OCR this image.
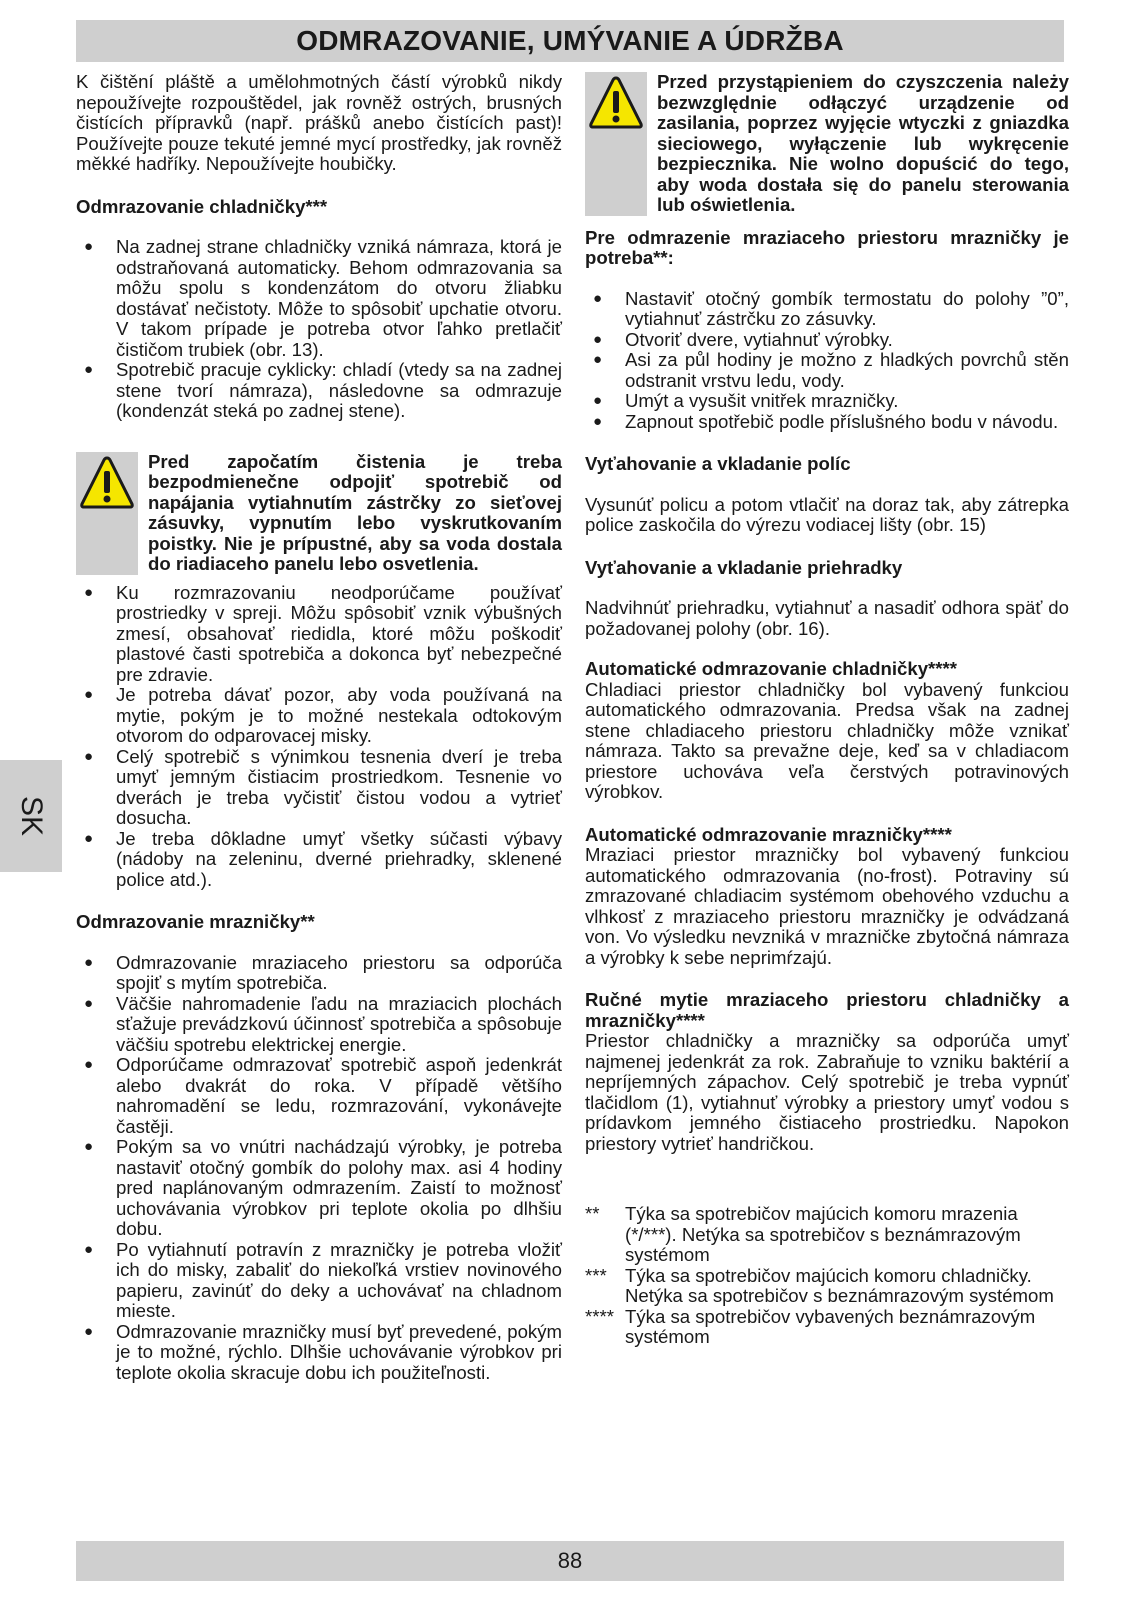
ODMRAZOVANIE, UMÝVANIE A ÚDRŽBA
SK

K čištění pláště a umělohmotných částí výrobků nikdy nepoužívejte rozpouštědel, jak rovněž ostrých, brusných čistících přípravků (např. prášků anebo čistících past)! Používejte pouze tekuté jemné mycí prostředky, jak rovněž měkké hadříky. Nepoužívejte houbičky.

Odmrazovanie chladničky***

● Na zadnej strane chladničky vzniká námraza, ktorá je odstraňovaná automaticky. Behom odmrazovania sa môžu spolu s kondenzátom do otvoru žliabku dostávať nečistoty. Môže to spôsobiť upchatie otvoru. V takom prípade je potreba otvor ľahko pretlačiť čističom trubiek (obr. 13).
● Spotrebič pracuje cyklicky: chladí (vtedy sa na zadnej stene tvorí námraza), následovne sa odmrazuje (kondenzát steká po zadnej stene).
Pred započatím čistenia je treba bezpodmienečne odpojiť spotrebič od napájania vytiahnutím zástrčky zo sieťovej zásuvky, vypnutím lebo vyskrutkovaním poistky. Nie je prípustné, aby sa voda dostala do riadiaceho panelu lebo osvetlenia.
● Ku rozmrazovaniu neodporúčame používať prostriedky v spreji. Môžu spôsobiť vznik výbušných zmesí, obsahovať riedidla, ktoré môžu poškodiť plastové časti spotrebiča a dokonca byť nebezpečné pre zdravie.
● Je potreba dávať pozor, aby voda používaná na mytie, pokým je to možné nestekala odtokovým otvorom do odparovacej misky.
● Celý spotrebič s výnimkou tesnenia dverí je treba umyť jemným čistiacim prostriedkom. Tesnenie vo dverách je treba vyčistiť čistou vodou a vytrieť dosucha.
● Je treba dôkladne umyť všetky súčasti výbavy (nádoby na zeleninu, dverné priehradky, sklenené police atd.).

Odmrazovanie mrazničky**

● Odmrazovanie mraziaceho priestoru sa odporúča spojiť s mytím spotrebiča.
● Väčšie nahromadenie ľadu na mraziacich plochách sťažuje prevádzkovú účinnosť spotrebiča a spôsobuje väčšiu spotrebu elektrickej energie.
● Odporúčame odmrazovať spotrebič aspoň jedenkrát alebo dvakrát do roka. V případě většího nahromadění se ledu, rozmrazování, vykonávejte častěji.
● Pokým sa vo vnútri nachádzajú výrobky, je potreba nastaviť otočný gombík do polohy max. asi 4 hodiny pred naplánovaným odmrazením. Zaistí to možnosť uchovávania výrobkov pri teplote okolia po dlhšiu dobu.
● Po vytiahnutí potravín z mrazničky je potreba vložiť ich do misky, zabaliť do niekoľká vrstiev novinového papieru, zavinúť do deky a uchovávať na chladnom mieste.
● Odmrazovanie mrazničky musí byť prevedené, pokým je to možné, rýchlo. Dlhšie uchovávanie výrobkov pri teplote okolia skracuje dobu ich použiteľnosti.
Przed przystąpieniem do czyszczenia należy bezwzględnie odłączyć urządzenie od zasilania, poprzez wyjęcie wtyczki z gniazdka sieciowego, wyłączenie lub wykręcenie bezpiecznika. Nie wolno dopuścić do tego, aby woda dostała się do panelu sterowania lub oświetlenia.

Pre odmrazenie mraziaceho priestoru mrazničky je potreba**:

● Nastaviť otočný gombík termostatu do polohy ”0”, vytiahnuť zástrčku zo zásuvky.
● Otvoriť dvere, vytiahnuť výrobky.
● Asi za půl hodiny je možno z hladkých povrchů stěn odstranit vrstvu ledu, vody.
● Umýt a vysušit vnitřek mrazničky.
● Zapnout spotřebič podle příslušného bodu v návodu.

Vyťahovanie a vkladanie políc

Vysunúť policu a potom vtlačiť na doraz tak, aby zátrepka police zaskočila do výrezu vodiacej lišty (obr. 15)

Vyťahovanie a vkladanie priehradky

Nadvihnúť priehradku, vytiahnuť a nasadiť odhora späť do požadovanej polohy (obr. 16).

Automatické odmrazovanie chladničky****

Chladiaci priestor chladničky bol vybavený funkciou automatického odmrazovania. Predsa však na zadnej stene chladiaceho priestoru chladničky môže vznikať námraza. Takto sa prevažne deje, keď sa v chladiacom priestore uchováva veľa čerstvých potravinových výrobkov.

Automatické odmrazovanie mrazničky****

Mraziaci priestor mrazničky bol vybavený funkciou automatického odmrazovania (no-frost). Potraviny sú zmrazované chladiacim systémom obehového vzduchu a vlhkosť z mraziaceho priestoru mrazničky je odvádzaná von. Vo výsledku nevzniká v mrazničke zbytočná námraza a výrobky k sebe neprimŕzajú.

Ručné mytie mraziaceho priestoru chladničky a mrazničky****

Priestor chladničky a mrazničky sa odporúča umyť najmenej jedenkrát za rok. Zabraňuje to vzniku baktérií a nepríjemných zápachov. Celý spotrebič je treba vypnúť tlačidlom (1), vytiahnuť výrobky a priestory umyť vodou s prídavkom jemného čistiaceho prostriedku. Napokon priestory vytrieť handričkou.

**	Týka sa spotrebičov majúcich komoru mrazenia (*/***). Netýka sa spotrebičov s beznámrazovým systémom
*** Týka sa spotrebičov majúcich komoru chladničky. Netýka sa spotrebičov s beznámrazovým systémom
**** Týka sa spotrebičov vybavených beznámrazovým systémom
88
